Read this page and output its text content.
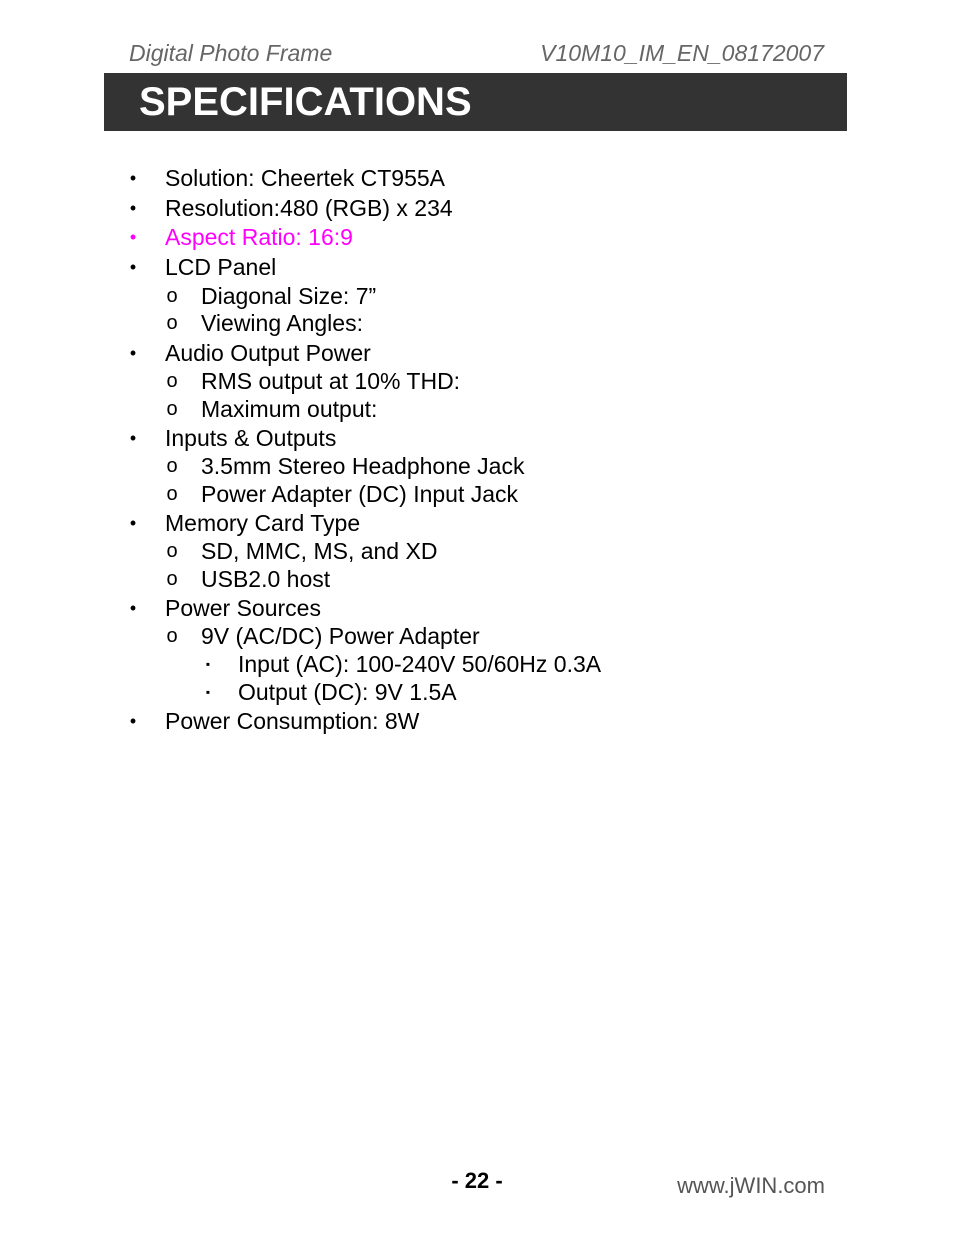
Digital Photo Frame	V10M10_IM_EN_08172007
SPECIFICATIONS
•	Solution: Cheertek CT955A
•	Resolution:480 (RGB) x 234
•	Aspect Ratio: 16:9
•	LCD Panel
o Diagonal Size: 7”
o Viewing Angles:
•	Audio Output Power
o RMS output at 10% THD:
o Maximum output:
•	Inputs & Outputs
o 3.5mm Stereo Headphone Jack
o Power Adapter (DC) Input Jack
•	Memory Card Type
o SD, MMC, MS, and XD
o USB2.0 host
•	Power Sources
o 9V (AC/DC) Power Adapter
▪	Input (AC): 100-240V 50/60Hz 0.3A
▪	Output (DC): 9V 1.5A
•	Power Consumption: 8W
- 22 -	www.jWIN.com
